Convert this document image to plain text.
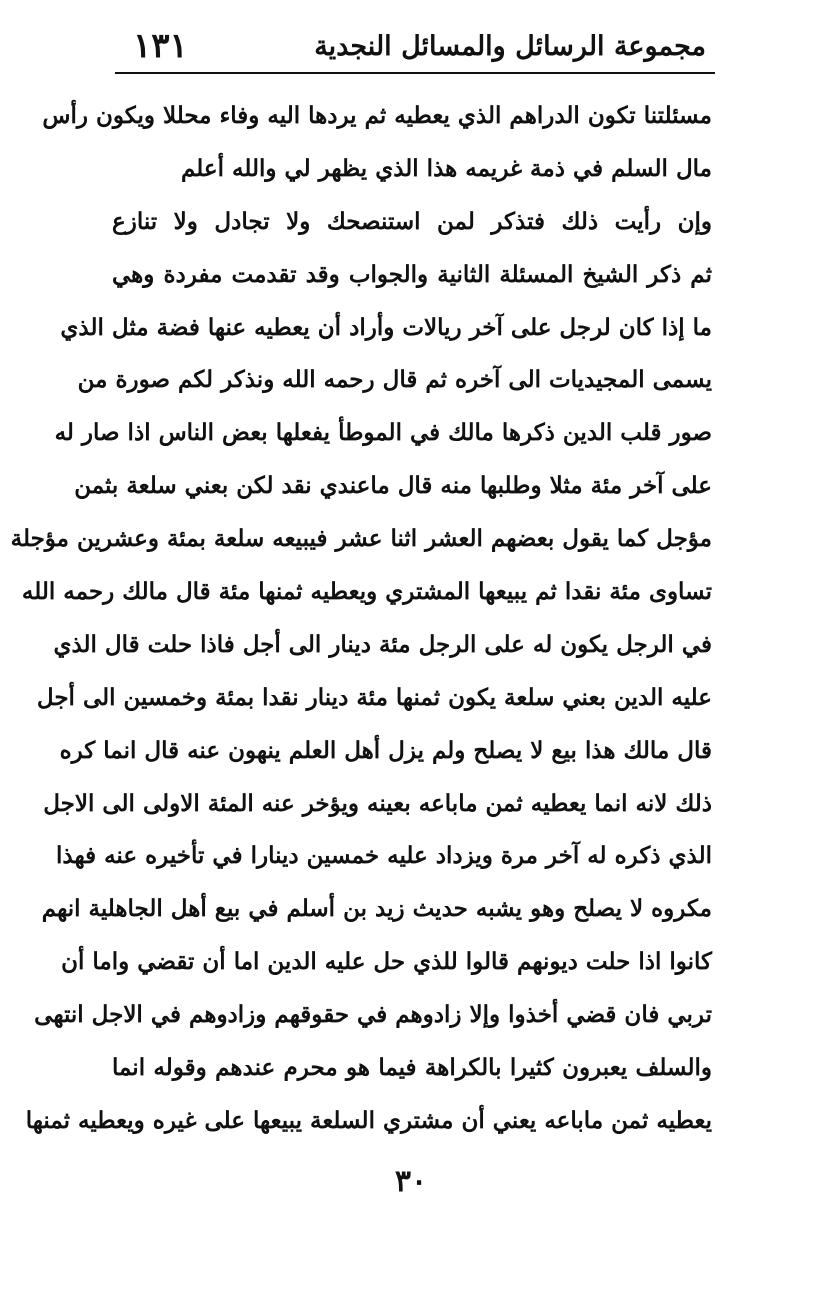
١٣١	مجموعة الرسائل والمسائل النجدية
مسئلتنا تكون الدراهم الذي يعطيه ثم يردها اليه وفاء محللا ويكون رأس
مال السلم في ذمة غريمه هذا الذي يظهر لي والله أعلم
وإن رأيت ذلك فتذكر لمن استنصحك ولا تجادل ولا تنازع
ثم ذكر الشيخ المسئلة الثانية والجواب وقد تقدمت مفردة وهي
ما إذا كان لرجل على آخر ريالات وأراد أن يعطيه عنها فضة مثل الذي
يسمى المجيديات الى آخره ثم قال رحمه الله ونذكر لكم صورة من
صور قلب الدين ذكرها مالك في الموطأ يفعلها بعض الناس اذا صار له
على آخر مئة مثلا وطلبها منه قال ماعندي نقد لكن بعني سلعة بثمن
مؤجل كما يقول بعضهم العشر اثنا عشر فيبيعه سلعة بمئة وعشرين مؤجلة
تساوى مئة نقدا ثم يبيعها المشتري ويعطيه ثمنها مئة قال مالك رحمه الله
في الرجل يكون له على الرجل مئة دينار الى أجل فاذا حلت قال الذي
عليه الدين بعني سلعة يكون ثمنها مئة دينار نقدا بمئة وخمسين الى أجل
قال مالك هذا بيع لا يصلح ولم يزل أهل العلم ينهون عنه قال انما كره
ذلك لانه انما يعطيه ثمن ماباعه بعينه ويؤخر عنه المئة الاولى الى الاجل
الذي ذكره له آخر مرة ويزداد عليه خمسين دينارا في تأخيره عنه فهذا
مكروه لا يصلح وهو يشبه حديث زيد بن أسلم في بيع أهل الجاهلية انهم
كانوا اذا حلت ديونهم قالوا للذي حل عليه الدين اما أن تقضي واما أن
تربي فان قضي أخذوا وإلا زادوهم في حقوقهم وزادوهم في الاجل انتهى
والسلف يعبرون كثيرا بالكراهة فيما هو محرم عندهم وقوله انما
يعطيه ثمن ماباعه يعني أن مشتري السلعة يبيعها على غيره ويعطيه ثمنها
٣٠
